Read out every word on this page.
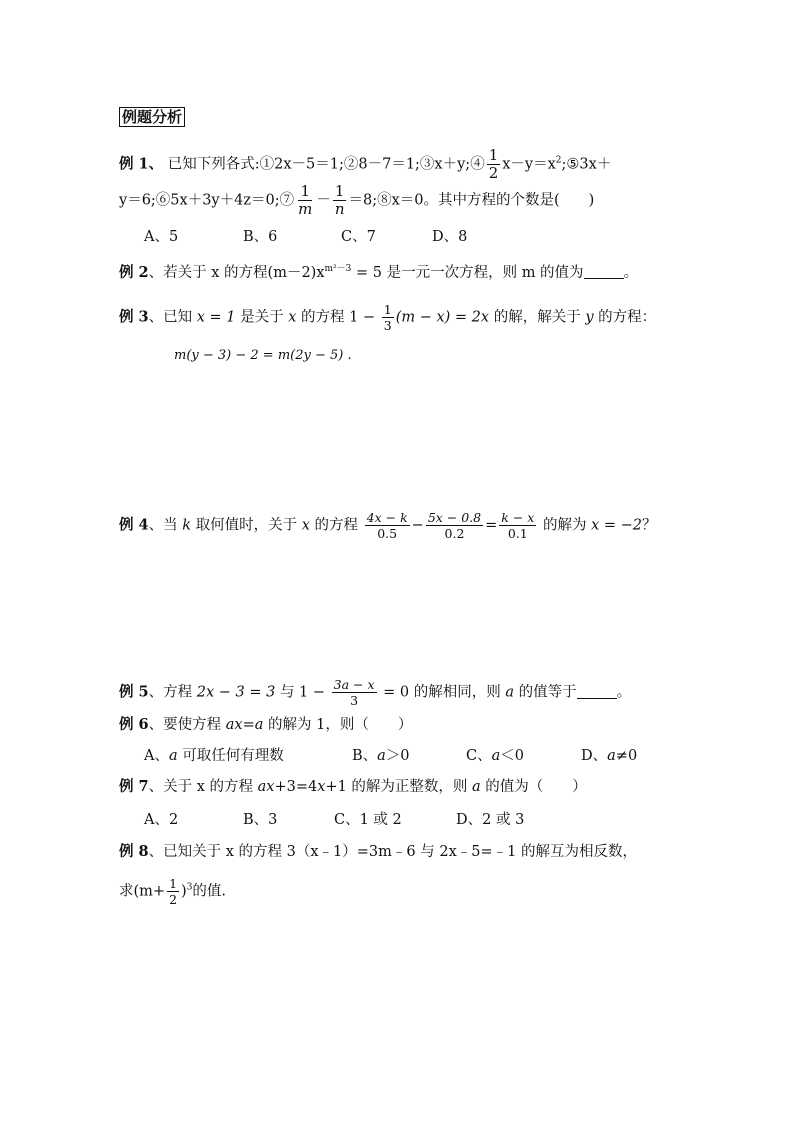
例题分析
例 1、 已知下列各式:①2x－5＝1;②8－7＝1;③x＋y;④ $\frac{1}{2}$ $x-y=x^2;⑤3x+$
y＝6;⑥5x＋3y＋4z＝0;⑦ $\frac{1}{m} - \frac{1}{n}$ ＝8;⑧x＝0。其中方程的个数是(　　)
A、5	B、6	C、7	D、8
例 2、若关于 x 的方程$(m-2)x^{m^2-3} = 5$ 是一元一次方程，则 m 的值为	。
例 3、已知 x = 1 是关于 x 的方程 $1 - \frac{1}{3} (m - x) = 2x$ 的解，解关于 y 的方程：
m(y − 3) − 2 = m(2y − 5) .
例 4、当 k 取何值时，关于 x 的方程 $\frac{4x - k}{0.5} - \frac{5x - 0.8}{0.2} = \frac{k - x}{0.1}$ 的解为 x = −2？
例 5、方程 2x − 3 = 3 与 $1 - \frac{3a - x}{3} = 0$ 的解相同，则 a 的值等于	。
例 6、要使方程 ax=a 的解为 1，则（　　）
A、a 可取任何有理数	B、a＞0	C、a＜0	D、a≠0
例 7、关于 x 的方程 ax+3=4x+1 的解为正整数，则 a 的值为（　　）
A、2	B、3	C、1 或 2	D、2 或 3
例 8、已知关于 x 的方程 3（x﹣1）=3m﹣6 与 2x﹣5=﹣1 的解互为相反数，
求$(m+ \frac{1}{2} )^3$的值.
